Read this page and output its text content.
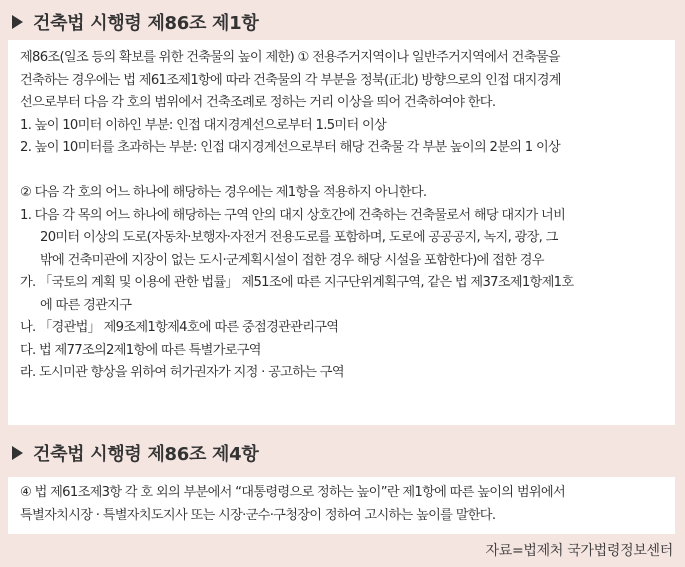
건축법 시행령 제86조 제1항
제86조(일조 등의 확보를 위한 건축물의 높이 제한) ① 전용주거지역이나 일반주거지역에서 건축물을
건축하는 경우에는 법 제61조제1항에 따라 건축물의 각 부분을 정북(正北) 방향으로의 인접 대지경계
선으로부터 다음 각 호의 범위에서 건축조례로 정하는 거리 이상을 띄어 건축하여야 한다.
1. 높이 10미터 이하인 부분: 인접 대지경계선으로부터 1.5미터 이상
2. 높이 10미터를 초과하는 부분: 인접 대지경계선으로부터 해당 건축물 각 부분 높이의 2분의 1 이상
② 다음 각 호의 어느 하나에 해당하는 경우에는 제1항을 적용하지 아니한다.
1. 다음 각 목의 어느 하나에 해당하는 구역 안의 대지 상호간에 건축하는 건축물로서 해당 대지가 너비
20미터 이상의 도로(자동차·보행자·자전거 전용도로를 포함하며, 도로에 공공공지, 녹지, 광장, 그
밖에 건축미관에 지장이 없는 도시·군계획시설이 접한 경우 해당 시설을 포함한다)에 접한 경우
가. 「국토의 계획 및 이용에 관한 법률」 제51조에 따른 지구단위계획구역, 같은 법 제37조제1항제1호
에 따른 경관지구
나. 「경관법」 제9조제1항제4호에 따른 중점경관관리구역
다. 법 제77조의2제1항에 따른 특별가로구역
라. 도시미관 향상을 위하여 허가권자가 지정 · 공고하는 구역
건축법 시행령 제86조 제4항
④ 법 제61조제3항 각 호 외의 부분에서 “대통령령으로 정하는 높이”란 제1항에 따른 높이의 범위에서
특별자치시장 · 특별자치도지사 또는 시장·군수·구청장이 정하여 고시하는 높이를 말한다.
자료=법제처 국가법령정보센터
